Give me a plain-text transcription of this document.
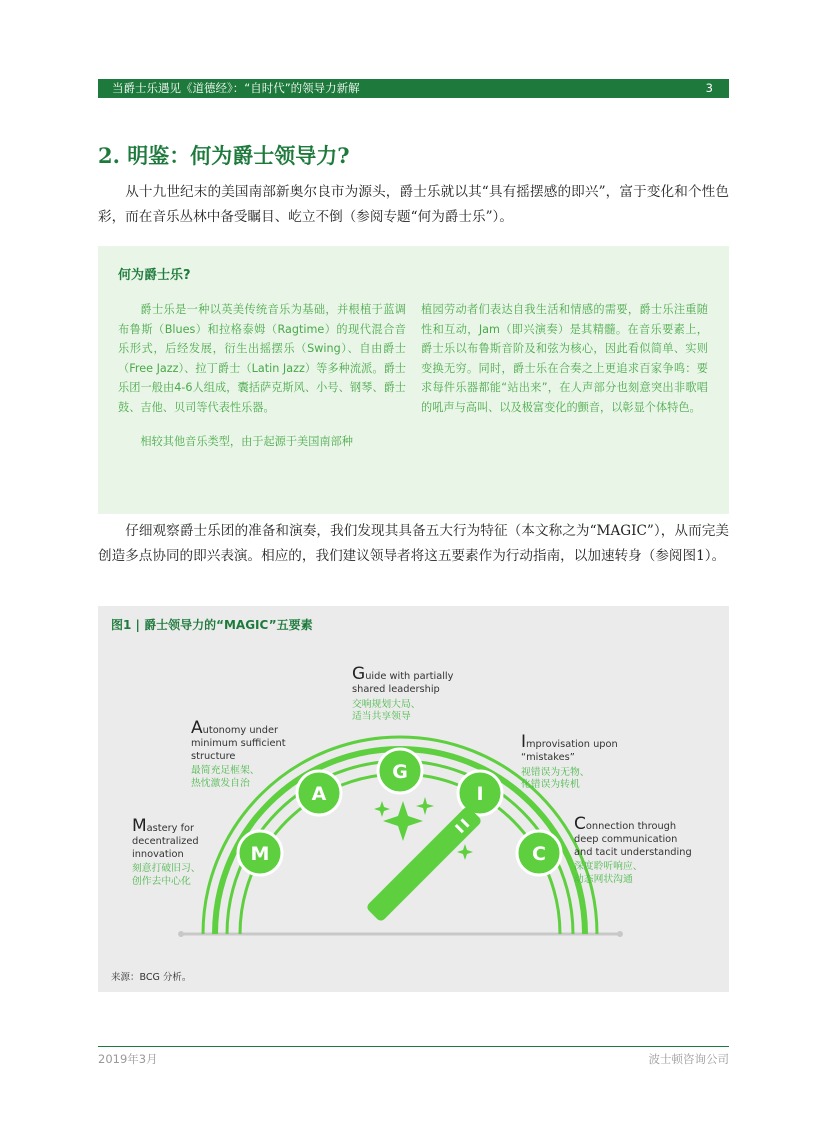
当爵士乐遇见《道德经》：“自时代”的领导力新解	3
2. 明鉴：何为爵士领导力?

从十九世纪末的美国南部新奥尔良市为源头，爵士乐就以其“具有摇摆感的即兴”，富于变化和个性色彩，而在音乐丛林中备受瞩目、屹立不倒（参阅专题“何为爵士乐”）。

何为爵士乐?

爵士乐是一种以英美传统音乐为基础，并根植于蓝调布鲁斯（Blues）和拉格泰姆（Ragtime）的现代混合音乐形式，后经发展，衍生出摇摆乐（Swing）、自由爵士（Free Jazz）、拉丁爵士（Latin Jazz）等多种流派。爵士乐团一般由4-6人组成，囊括萨克斯风、小号、钢琴、爵士鼓、吉他、贝司等代表性乐器。

相较其他音乐类型，由于起源于美国南部种

植园劳动者们表达自我生活和情感的需要，爵士乐注重随性和互动，Jam（即兴演奏）是其精髓。在音乐要素上，爵士乐以布鲁斯音阶及和弦为核心，因此看似简单、实则变换无穷。同时，爵士乐在合奏之上更追求百家争鸣：要求每件乐器都能“站出来”，在人声部分也刻意突出非歌唱的吼声与高叫、以及极富变化的颤音，以彰显个体特色。

仔细观察爵士乐团的准备和演奏，我们发现其具备五大行为特征（本文称之为“MAGIC”），从而完美创造多点协同的即兴表演。相应的，我们建议领导者将这五要素作为行动指南，以加速转身（参阅图1）。

图1 | 爵士领导力的“MAGIC”五要素
M
A
G
I
C
Mastery for
decentralized
innovation
刻意打破旧习、
创作去中心化
Autonomy under
minimum sufficient
structure
最简充足框架、
热忱激发自治
Guide with partially
shared leadership
交响规划大局、
适当共享领导
Improvisation upon
“mistakes”
视错误为无物、
化错误为转机
Connection through
deep communication
and tacit understanding
深度聆听响应、
动态网状沟通
来源：BCG 分析。
2019年3月	波士顿咨询公司
